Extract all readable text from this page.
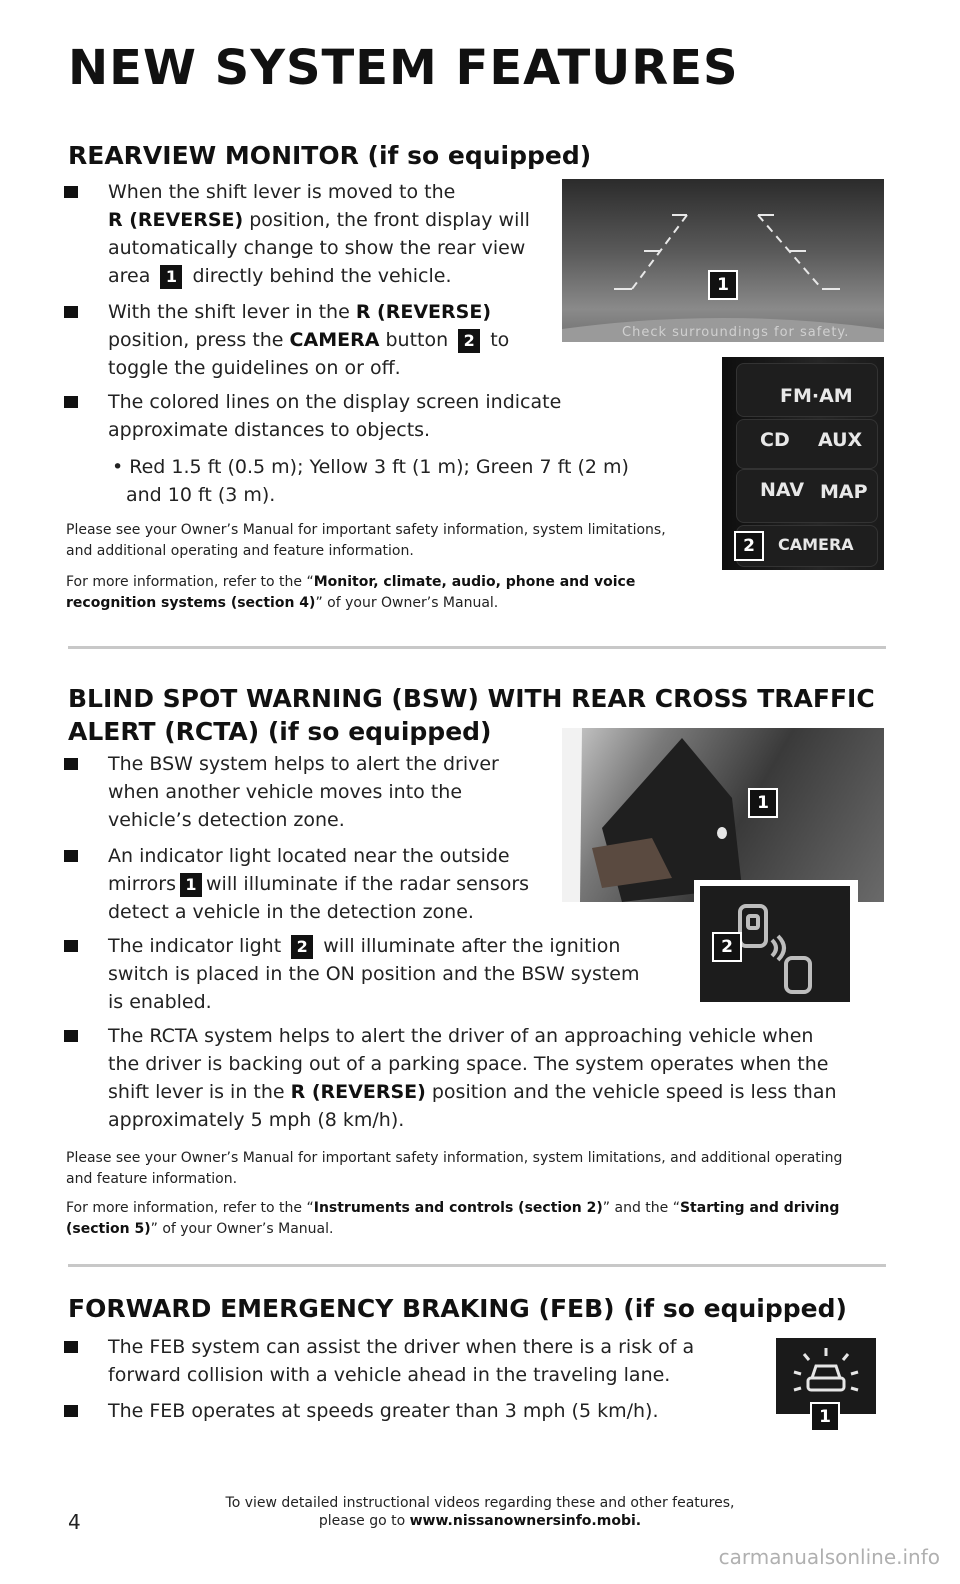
NEW SYSTEM FEATURES
REARVIEW MONITOR (if so equipped)
When the shift lever is moved to the
R (REVERSE) position, the front display will
automatically change to show the rear view
area 1 directly behind the vehicle.
With the shift lever in the R (REVERSE)
position, press the CAMERA button 2 to
toggle the guidelines on or off.
The colored lines on the display screen indicate
approximate distances to objects.
• Red 1.5 ft (0.5 m); Yellow 3 ft (1 m); Green 7 ft (2 m)
and 10 ft (3 m).
Please see your Owner’s Manual for important safety information, system limitations, and additional operating and feature information.
For more information, refer to the “Monitor, climate, audio, phone and voice recognition systems (section 4)” of your Owner’s Manual.
Check surroundings for safety.
1
FM·AM
CD AUX
NAV MAP
CAMERA
2
BLIND SPOT WARNING (BSW) WITH REAR CROSS TRAFFIC
ALERT (RCTA) (if so equipped)
The BSW system helps to alert the driver
when another vehicle moves into the
vehicle’s detection zone.
An indicator light located near the outside
mirrors 1 will illuminate if the radar sensors
detect a vehicle in the detection zone.
The indicator light 2 will illuminate after the ignition
switch is placed in the ON position and the BSW system
is enabled.
The RCTA system helps to alert the driver of an approaching vehicle when
the driver is backing out of a parking space. The system operates when the
shift lever is in the R (REVERSE) position and the vehicle speed is less than
approximately 5 mph (8 km/h).
Please see your Owner’s Manual for important safety information, system limitations, and additional operating and feature information.
For more information, refer to the “Instruments and controls (section 2)” and the “Starting and driving (section 5)” of your Owner’s Manual.
1
2
FORWARD EMERGENCY BRAKING (FEB) (if so equipped)
The FEB system can assist the driver when there is a risk of a
forward collision with a vehicle ahead in the traveling lane.
The FEB operates at speeds greater than 3 mph (5 km/h).	1
4
To view detailed instructional videos regarding these and other features,
please go to www.nissanownersinfo.mobi.
carmanualsonline.info
